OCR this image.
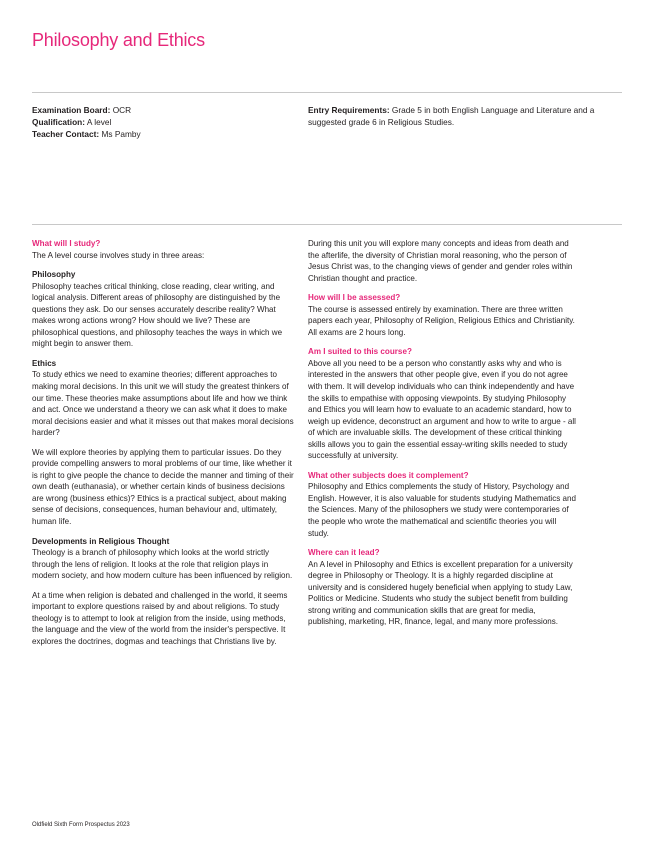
Philosophy and Ethics
Examination Board: OCR
Qualification: A level
Teacher Contact: Ms Pamby
Entry Requirements: Grade 5 in both English Language and Literature and a suggested grade 6 in Religious Studies.
What will I study?

The A level course involves study in three areas:

Philosophy

Philosophy teaches critical thinking, close reading, clear writing, and logical analysis. Different areas of philosophy are distinguished by the questions they ask. Do our senses accurately describe reality? What makes wrong actions wrong? How should we live? These are philosophical questions, and philosophy teaches the ways in which we might begin to answer them.

Ethics

To study ethics we need to examine theories; different approaches to making moral decisions. In this unit we will study the greatest thinkers of our time. These theories make assumptions about life and how we think and act. Once we understand a theory we can ask what it does to make moral decisions easier and what it misses out that makes moral decisions harder?

We will explore theories by applying them to particular issues. Do they provide compelling answers to moral problems of our time, like whether it is right to give people the chance to decide the manner and timing of their own death (euthanasia), or whether certain kinds of business decisions are wrong (business ethics)? Ethics is a practical subject, about making sense of decisions, consequences, human behaviour and, ultimately, human life.

Developments in Religious Thought

Theology is a branch of philosophy which looks at the world strictly through the lens of religion. It looks at the role that religion plays in modern society, and how modern culture has been influenced by religion.

At a time when religion is debated and challenged in the world, it seems important to explore questions raised by and about religions. To study theology is to attempt to look at religion from the inside, using methods, the language and the view of the world from the insider's perspective. It explores the doctrines, dogmas and teachings that Christians live by.

During this unit you will explore many concepts and ideas from death and the afterlife, the diversity of Christian moral reasoning, who the person of Jesus Christ was, to the changing views of gender and gender roles within Christian thought and practice.

How will I be assessed?

The course is assessed entirely by examination. There are three written papers each year, Philosophy of Religion, Religious Ethics and Christianity. All exams are 2 hours long.

Am I suited to this course?

Above all you need to be a person who constantly asks why and who is interested in the answers that other people give, even if you do not agree with them. It will develop individuals who can think independently and have the skills to empathise with opposing viewpoints. By studying Philosophy and Ethics you will learn how to evaluate to an academic standard, how to weigh up evidence, deconstruct an argument and how to write to argue - all of which are invaluable skills. The development of these critical thinking skills allows you to gain the essential essay-writing skills needed to study successfully at university.

What other subjects does it complement?

Philosophy and Ethics complements the study of History, Psychology and English. However, it is also valuable for students studying Mathematics and the Sciences. Many of the philosophers we study were contemporaries of the people who wrote the mathematical and scientific theories you will study.

Where can it lead?

An A level in Philosophy and Ethics is excellent preparation for a university degree in Philosophy or Theology. It is a highly regarded discipline at university and is considered hugely beneficial when applying to study Law, Politics or Medicine. Students who study the subject benefit from building strong writing and communication skills that are great for media, publishing, marketing, HR, finance, legal, and many more professions.

Oldfield Sixth Form Prospectus 2023
